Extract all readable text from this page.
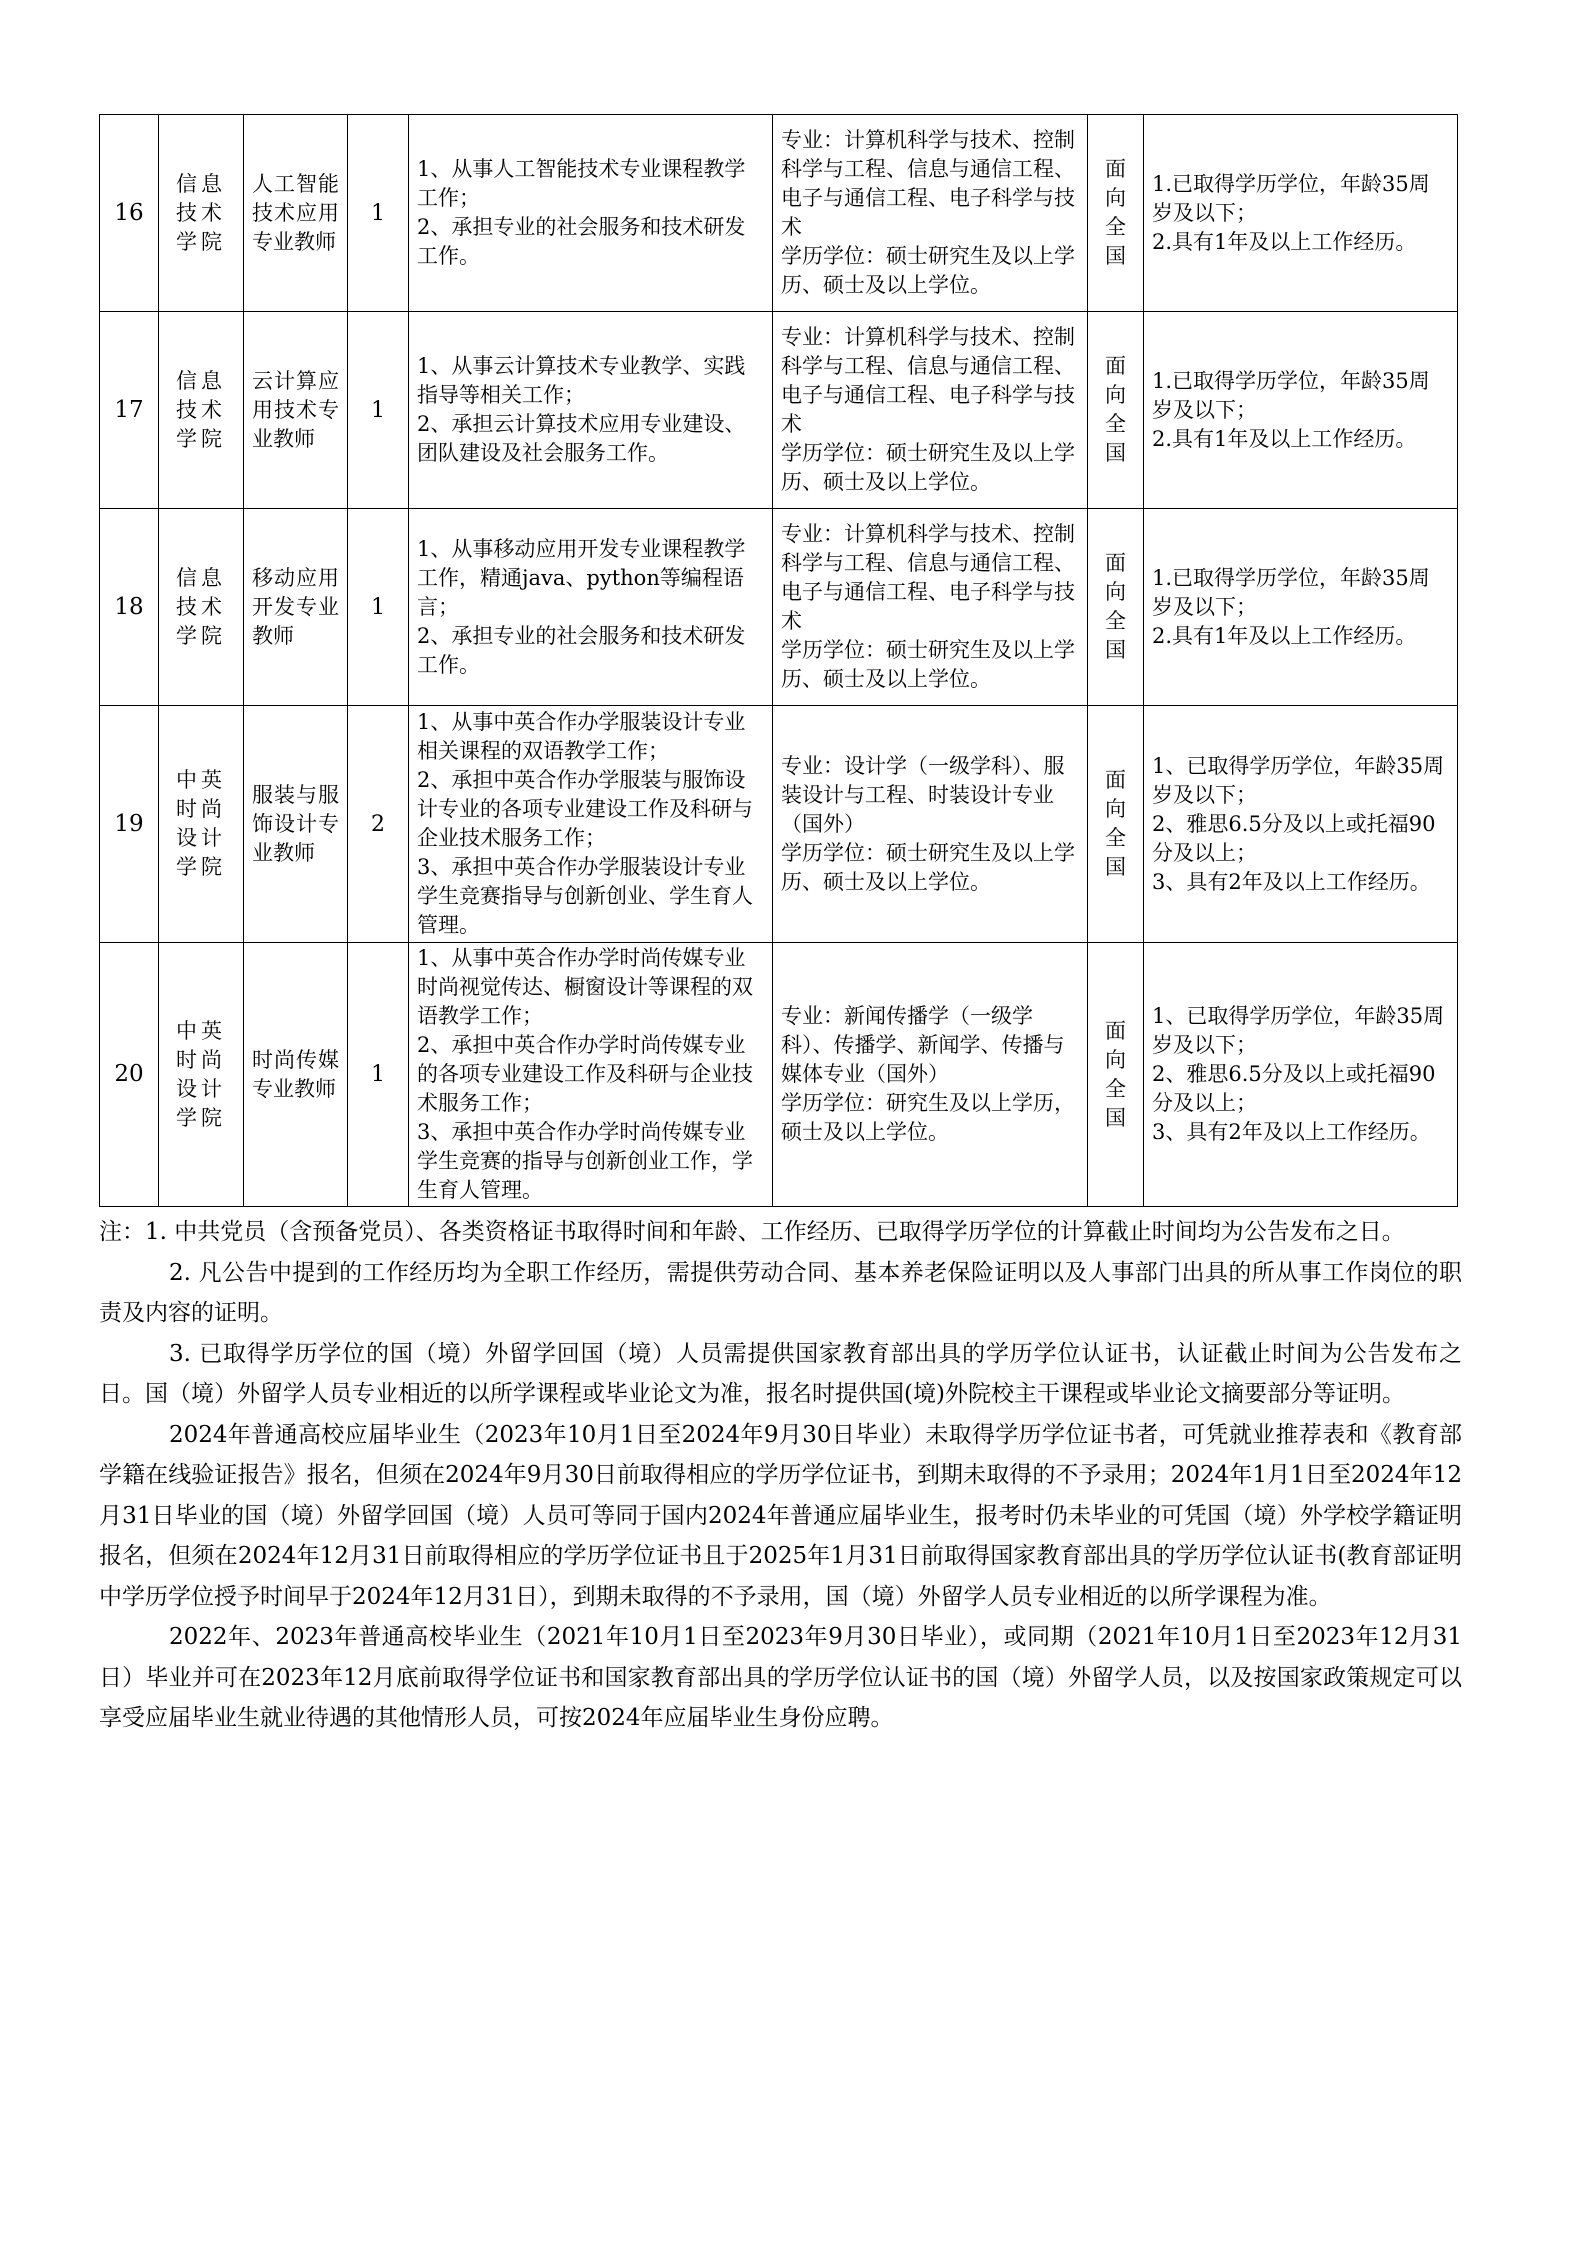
16	信息技术学院	人工智能技术应用专业教师	1	1、从事人工智能技术专业课程教学工作；
2、承担专业的社会服务和技术研发工作。	专业：计算机科学与技术、控制科学与工程、信息与通信工程、电子与通信工程、电子科学与技术
学历学位：硕士研究生及以上学历、硕士及以上学位。	面向全国	1.已取得学历学位，年龄35周岁及以下；
2.具有1年及以上工作经历。
17	信息技术学院	云计算应用技术专业教师	1	1、从事云计算技术专业教学、实践指导等相关工作；
2、承担云计算技术应用专业建设、团队建设及社会服务工作。	专业：计算机科学与技术、控制科学与工程、信息与通信工程、电子与通信工程、电子科学与技术
学历学位：硕士研究生及以上学历、硕士及以上学位。	面向全国	1.已取得学历学位，年龄35周岁及以下；
2.具有1年及以上工作经历。
18	信息技术学院	移动应用开发专业教师	1	1、从事移动应用开发专业课程教学工作，精通java、python等编程语言；
2、承担专业的社会服务和技术研发工作。	专业：计算机科学与技术、控制科学与工程、信息与通信工程、电子与通信工程、电子科学与技术
学历学位：硕士研究生及以上学历、硕士及以上学位。	面向全国	1.已取得学历学位，年龄35周岁及以下；
2.具有1年及以上工作经历。
19	中英时尚设计学院	服装与服饰设计专业教师	2	1、从事中英合作办学服装设计专业相关课程的双语教学工作；
2、承担中英合作办学服装与服饰设计专业的各项专业建设工作及科研与企业技术服务工作；
3、承担中英合作办学服装设计专业学生竞赛指导与创新创业、学生育人管理。	专业：设计学（一级学科）、服装设计与工程、时装设计专业（国外）
学历学位：硕士研究生及以上学历、硕士及以上学位。	面向全国	1、已取得学历学位，年龄35周岁及以下；
2、雅思6.5分及以上或托福90分及以上；
3、具有2年及以上工作经历。
20	中英时尚设计学院	时尚传媒专业教师	1	1、从事中英合作办学时尚传媒专业时尚视觉传达、橱窗设计等课程的双语教学工作；
2、承担中英合作办学时尚传媒专业的各项专业建设工作及科研与企业技术服务工作；
3、承担中英合作办学时尚传媒专业学生竞赛的指导与创新创业工作，学生育人管理。	专业：新闻传播学（一级学科）、传播学、新闻学、传播与媒体专业（国外）
学历学位：研究生及以上学历，硕士及以上学位。	面向全国	1、已取得学历学位，年龄35周岁及以下；
2、雅思6.5分及以上或托福90分及以上；
3、具有2年及以上工作经历。

注：1. 中共党员（含预备党员）、各类资格证书取得时间和年龄、工作经历、已取得学历学位的计算截止时间均为公告发布之日。

2. 凡公告中提到的工作经历均为全职工作经历，需提供劳动合同、基本养老保险证明以及人事部门出具的所从事工作岗位的职责及内容的证明。

3. 已取得学历学位的国（境）外留学回国（境）人员需提供国家教育部出具的学历学位认证书，认证截止时间为公告发布之日。国（境）外留学人员专业相近的以所学课程或毕业论文为准，报名时提供国(境)外院校主干课程或毕业论文摘要部分等证明。

2024年普通高校应届毕业生（2023年10月1日至2024年9月30日毕业）未取得学历学位证书者，可凭就业推荐表和《教育部学籍在线验证报告》报名，但须在2024年9月30日前取得相应的学历学位证书，到期未取得的不予录用；2024年1月1日至2024年12月31日毕业的国（境）外留学回国（境）人员可等同于国内2024年普通应届毕业生，报考时仍未毕业的可凭国（境）外学校学籍证明报名，但须在2024年12月31日前取得相应的学历学位证书且于2025年1月31日前取得国家教育部出具的学历学位认证书(教育部证明中学历学位授予时间早于2024年12月31日），到期未取得的不予录用，国（境）外留学人员专业相近的以所学课程为准。

2022年、2023年普通高校毕业生（2021年10月1日至2023年9月30日毕业），或同期（2021年10月1日至2023年12月31日）毕业并可在2023年12月底前取得学位证书和国家教育部出具的学历学位认证书的国（境）外留学人员，以及按国家政策规定可以享受应届毕业生就业待遇的其他情形人员，可按2024年应届毕业生身份应聘。
